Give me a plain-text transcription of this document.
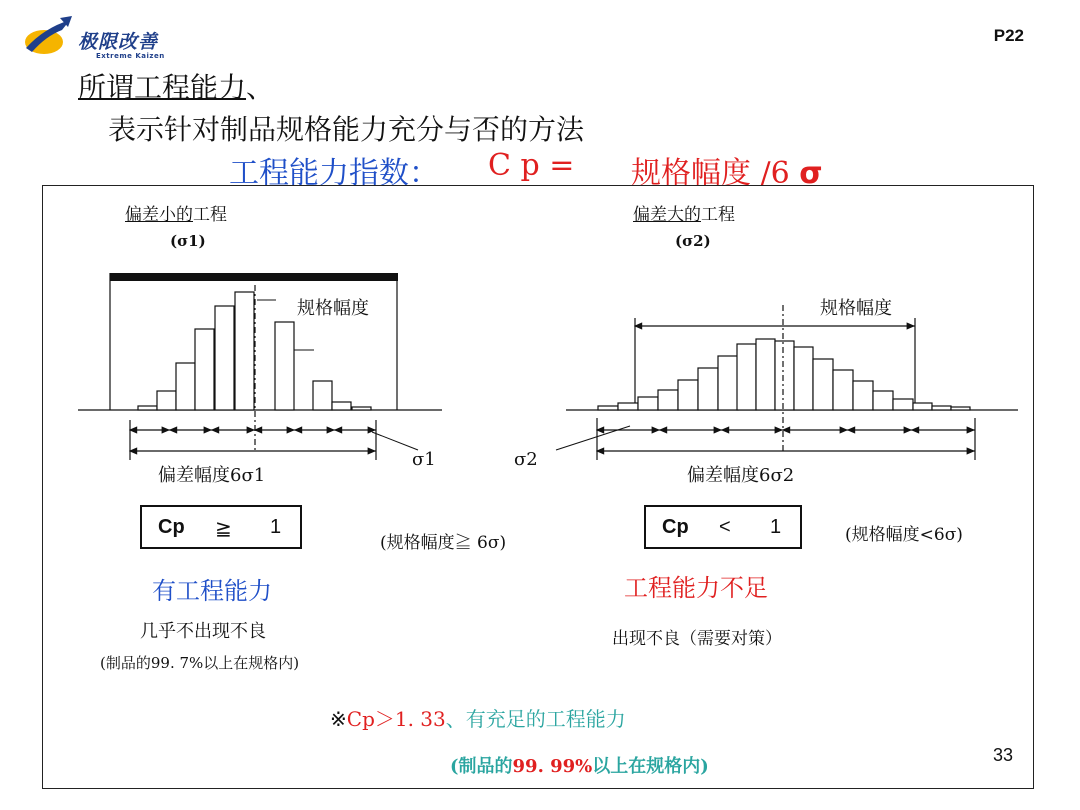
极限改善
Extreme Kaizen
P22
所谓工程能力、
表示针对制品规格能力充分与否的方法
工程能力指数： C p = 规格幅度 /6 σ
偏差小的工程
(σ1)
规格幅度
σ1
偏差幅度6σ1
Cp ≧ 1
(规格幅度≧ 6σ)
有工程能力
几乎不出现不良
(制品的99. 7%以上在规格内)
偏差大的工程
(σ2)
规格幅度
σ2
偏差幅度6σ2
Cp < 1	(规格幅度<6σ)
工程能力不足
出现不良（需要对策）
※Cp＞1. 33、有充足的工程能力
(制品的99. 99%以上在规格内)
33
